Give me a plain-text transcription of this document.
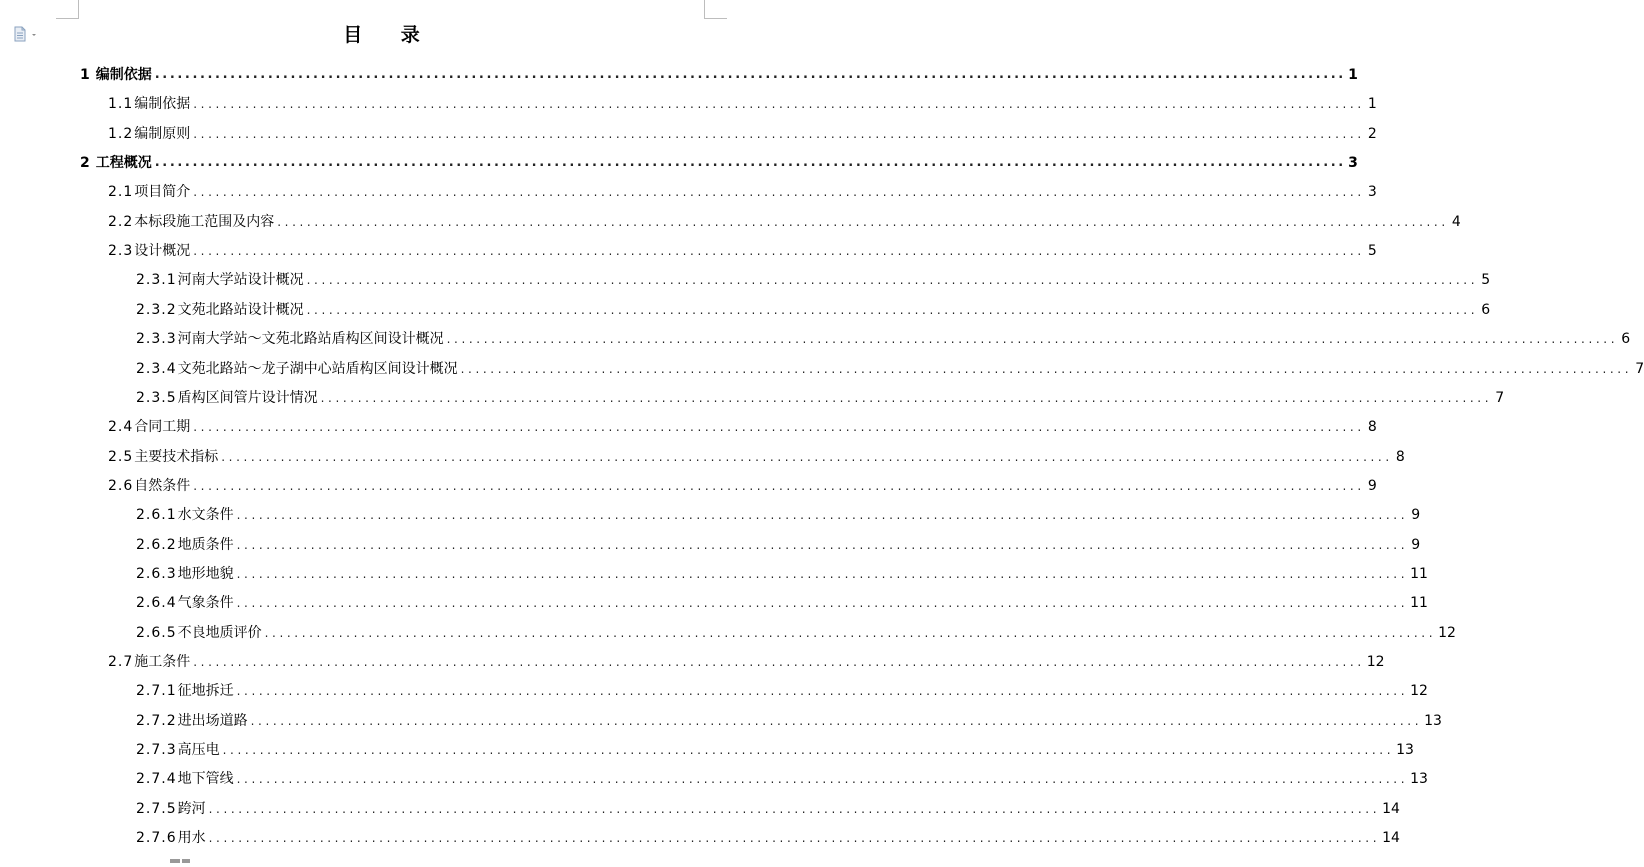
目 录
1 编制依据 .............................................................................................................................................................. 1
1.1 编制依据 .............................................................................................................................................................. 1
1.2 编制原则 .............................................................................................................................................................. 2
2 工程概况 .............................................................................................................................................................. 3
2.1 项目简介 .............................................................................................................................................................. 3
2.2 本标段施工范围及内容 .............................................................................................................................................................. 4
2.3 设计概况 .............................................................................................................................................................. 5
2.3.1 河南大学站设计概况 .............................................................................................................................................................. 5
2.3.2 文苑北路站设计概况 .............................................................................................................................................................. 6
2.3.3 河南大学站～文苑北路站盾构区间设计概况 .............................................................................................................................................................. 6
2.3.4 文苑北路站～龙子湖中心站盾构区间设计概况 .............................................................................................................................................................. 7
2.3.5 盾构区间管片设计情况 .............................................................................................................................................................. 7
2.4 合同工期 .............................................................................................................................................................. 8
2.5 主要技术指标 .............................................................................................................................................................. 8
2.6 自然条件 .............................................................................................................................................................. 9
2.6.1 水文条件 .............................................................................................................................................................. 9
2.6.2 地质条件 .............................................................................................................................................................. 9
2.6.3 地形地貌 .............................................................................................................................................................. 11
2.6.4 气象条件 .............................................................................................................................................................. 11
2.6.5 不良地质评价 .............................................................................................................................................................. 12
2.7 施工条件 .............................................................................................................................................................. 12
2.7.1 征地拆迁 .............................................................................................................................................................. 12
2.7.2 进出场道路 .............................................................................................................................................................. 13
2.7.3 高压电 .............................................................................................................................................................. 13
2.7.4 地下管线 .............................................................................................................................................................. 13
2.7.5 跨河 .............................................................................................................................................................. 14
2.7.6 用水 .............................................................................................................................................................. 14
